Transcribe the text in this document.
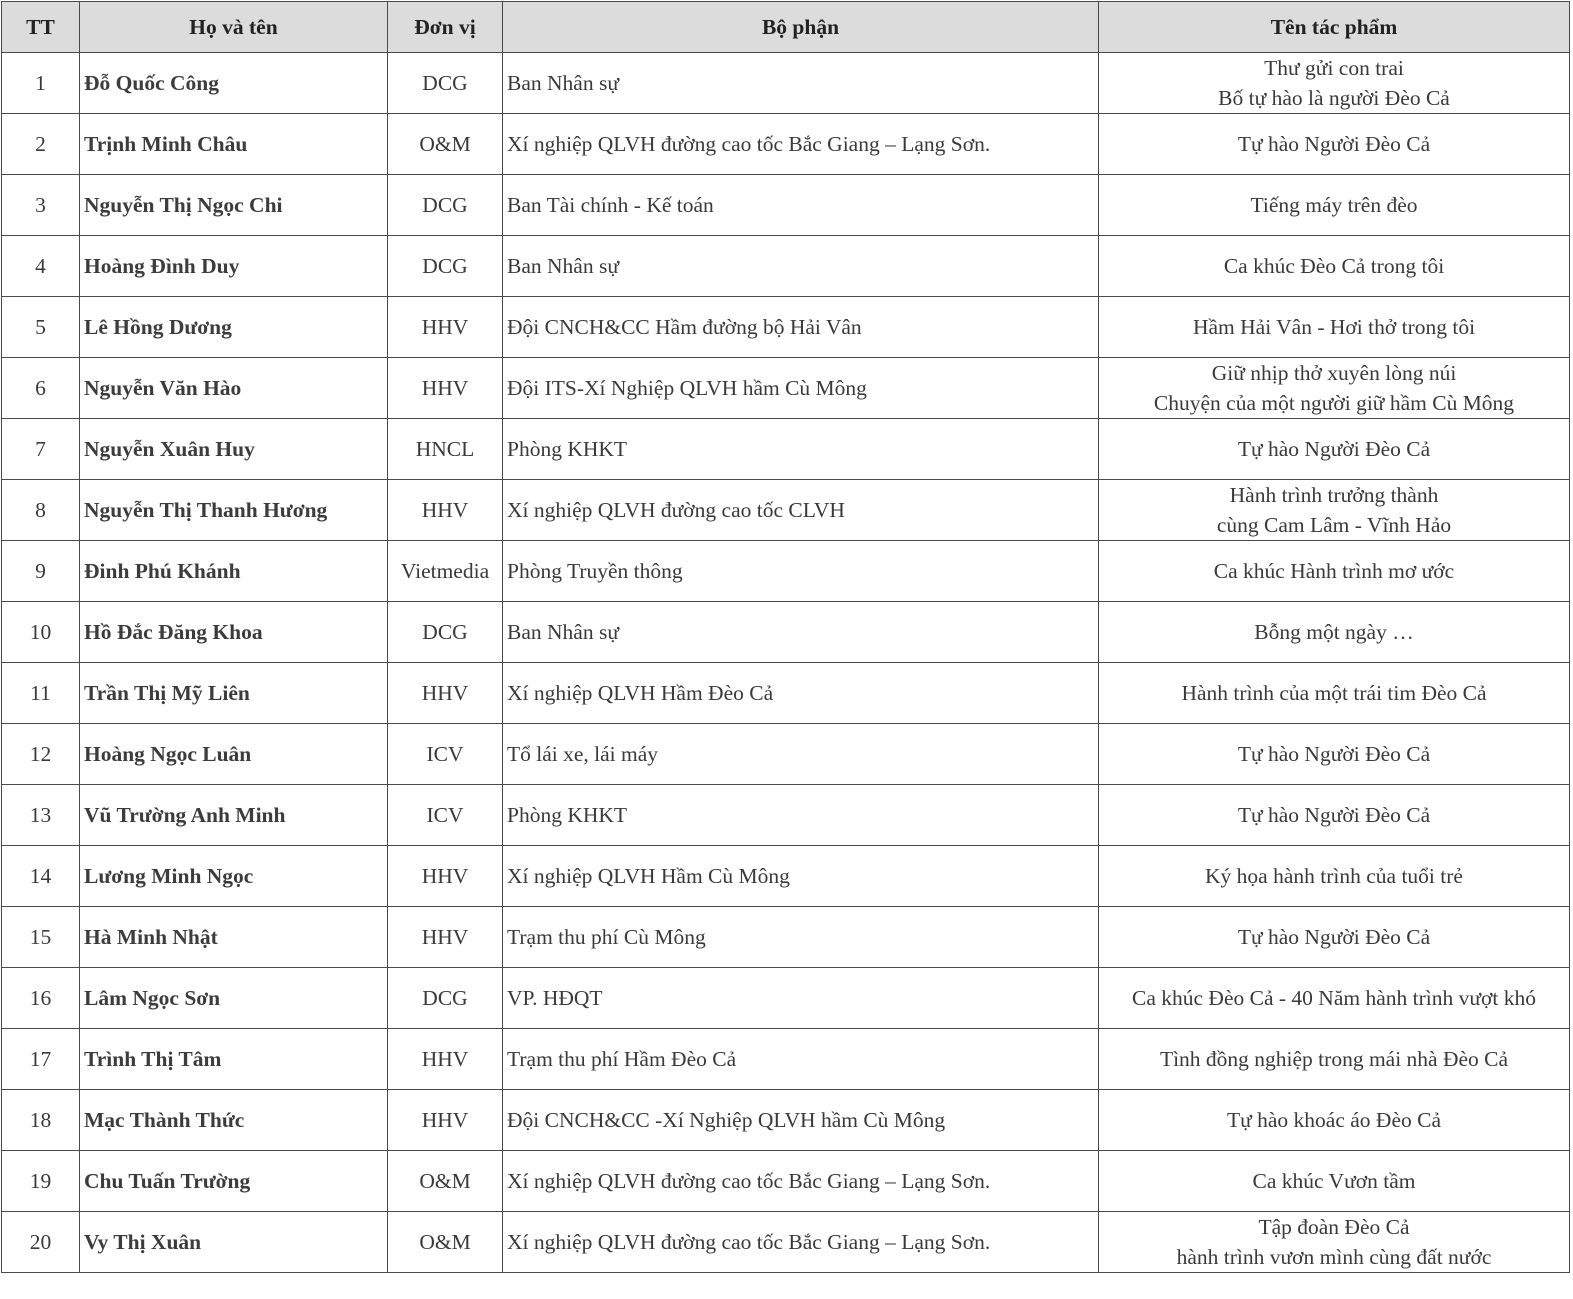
TT	Họ và tên	Đơn vị	Bộ phận	Tên tác phẩm
1	Đỗ Quốc Công	DCG	Ban Nhân sự	Thư gửi con trai
Bố tự hào là người Đèo Cả

2	Trịnh Minh Châu	O&M	Xí nghiệp QLVH đường cao tốc Bắc Giang – Lạng Sơn.	Tự hào Người Đèo Cả

3	Nguyễn Thị Ngọc Chi	DCG	Ban Tài chính - Kế toán	Tiếng máy trên đèo

4	Hoàng Đình Duy	DCG	Ban Nhân sự	Ca khúc Đèo Cả trong tôi

5	Lê Hồng Dương	HHV	Đội CNCH&CC Hầm đường bộ Hải Vân	Hầm Hải Vân - Hơi thở trong tôi

6	Nguyễn Văn Hào	HHV	Đội ITS-Xí Nghiệp QLVH hầm Cù Mông	Giữ nhịp thở xuyên lòng núi
Chuyện của một người giữ hầm Cù Mông

7	Nguyễn Xuân Huy	HNCL	Phòng KHKT	Tự hào Người Đèo Cả

8	Nguyễn Thị Thanh Hương	HHV	Xí nghiệp QLVH đường cao tốc CLVH	Hành trình trưởng thành
cùng Cam Lâm - Vĩnh Hảo

9	Đinh Phú Khánh	Vietmedia	Phòng Truyền thông	Ca khúc Hành trình mơ ước

10	Hồ Đắc Đăng Khoa	DCG	Ban Nhân sự	Bỗng một ngày …

11	Trần Thị Mỹ Liên	HHV	Xí nghiệp QLVH Hầm Đèo Cả	Hành trình của một trái tim Đèo Cả

12	Hoàng Ngọc Luân	ICV	Tổ lái xe, lái máy	Tự hào Người Đèo Cả

13	Vũ Trường Anh Minh	ICV	Phòng KHKT	Tự hào Người Đèo Cả

14	Lương Minh Ngọc	HHV	Xí nghiệp QLVH Hầm Cù Mông	Ký họa hành trình của tuổi trẻ

15	Hà Minh Nhật	HHV	Trạm thu phí Cù Mông	Tự hào Người Đèo Cả

16	Lâm Ngọc Sơn	DCG	VP. HĐQT	Ca khúc Đèo Cả - 40 Năm hành trình vượt khó

17	Trình Thị Tâm	HHV	Trạm thu phí Hầm Đèo Cả	Tình đồng nghiệp trong mái nhà Đèo Cả

18	Mạc Thành Thức	HHV	Đội CNCH&CC -Xí Nghiệp QLVH hầm Cù Mông	Tự hào khoác áo Đèo Cả

19	Chu Tuấn Trường	O&M	Xí nghiệp QLVH đường cao tốc Bắc Giang – Lạng Sơn.	Ca khúc Vươn tầm

20	Vy Thị Xuân	O&M	Xí nghiệp QLVH đường cao tốc Bắc Giang – Lạng Sơn.	Tập đoàn Đèo Cả
hành trình vươn mình cùng đất nước
